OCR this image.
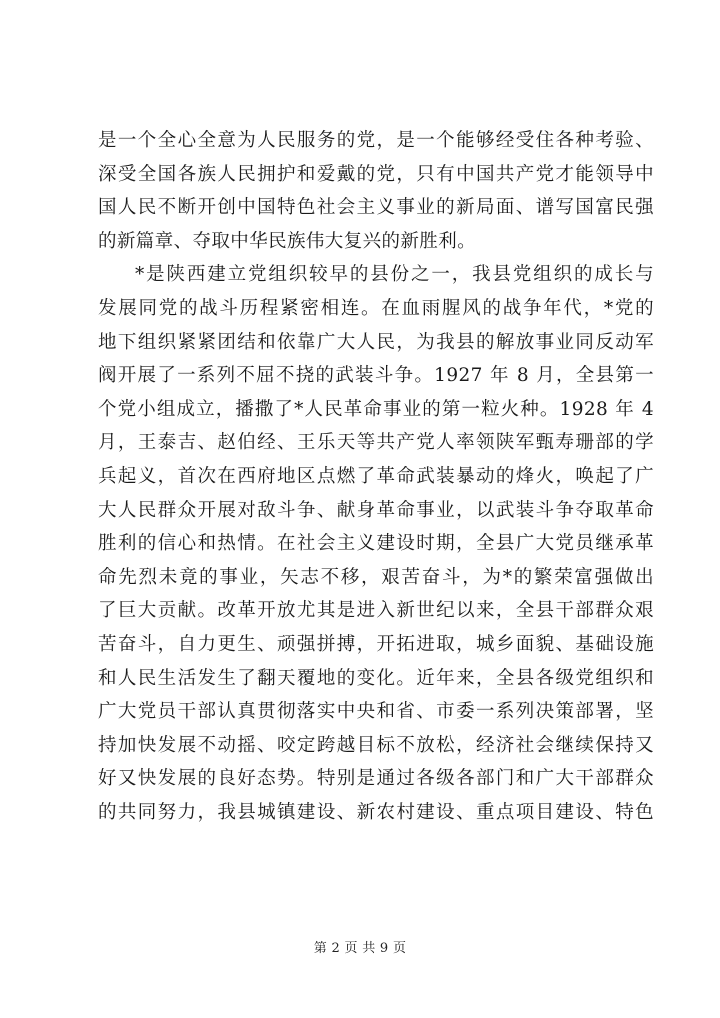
是一个全心全意为人民服务的党，是一个能够经受住各种考验、
深受全国各族人民拥护和爱戴的党，只有中国共产党才能领导中
国人民不断开创中国特色社会主义事业的新局面、谱写国富民强
的新篇章、夺取中华民族伟大复兴的新胜利。
*是陕西建立党组织较早的县份之一，我县党组织的成长与
发展同党的战斗历程紧密相连。在血雨腥风的战争年代，*党的
地下组织紧紧团结和依靠广大人民，为我县的解放事业同反动军
阀开展了一系列不屈不挠的武装斗争。1927 年 8 月，全县第一
个党小组成立，播撒了*人民革命事业的第一粒火种。1928 年 4
月，王泰吉、赵伯经、王乐天等共产党人率领陕军甄寿珊部的学
兵起义，首次在西府地区点燃了革命武装暴动的烽火，唤起了广
大人民群众开展对敌斗争、献身革命事业，以武装斗争夺取革命
胜利的信心和热情。在社会主义建设时期，全县广大党员继承革
命先烈未竟的事业，矢志不移，艰苦奋斗，为*的繁荣富强做出
了巨大贡献。改革开放尤其是进入新世纪以来，全县干部群众艰
苦奋斗，自力更生、顽强拼搏，开拓进取，城乡面貌、基础设施
和人民生活发生了翻天覆地的变化。近年来，全县各级党组织和
广大党员干部认真贯彻落实中央和省、市委一系列决策部署，坚
持加快发展不动摇、咬定跨越目标不放松，经济社会继续保持又
好又快发展的良好态势。特别是通过各级各部门和广大干部群众
的共同努力，我县城镇建设、新农村建设、重点项目建设、特色
第 2 页 共 9 页
